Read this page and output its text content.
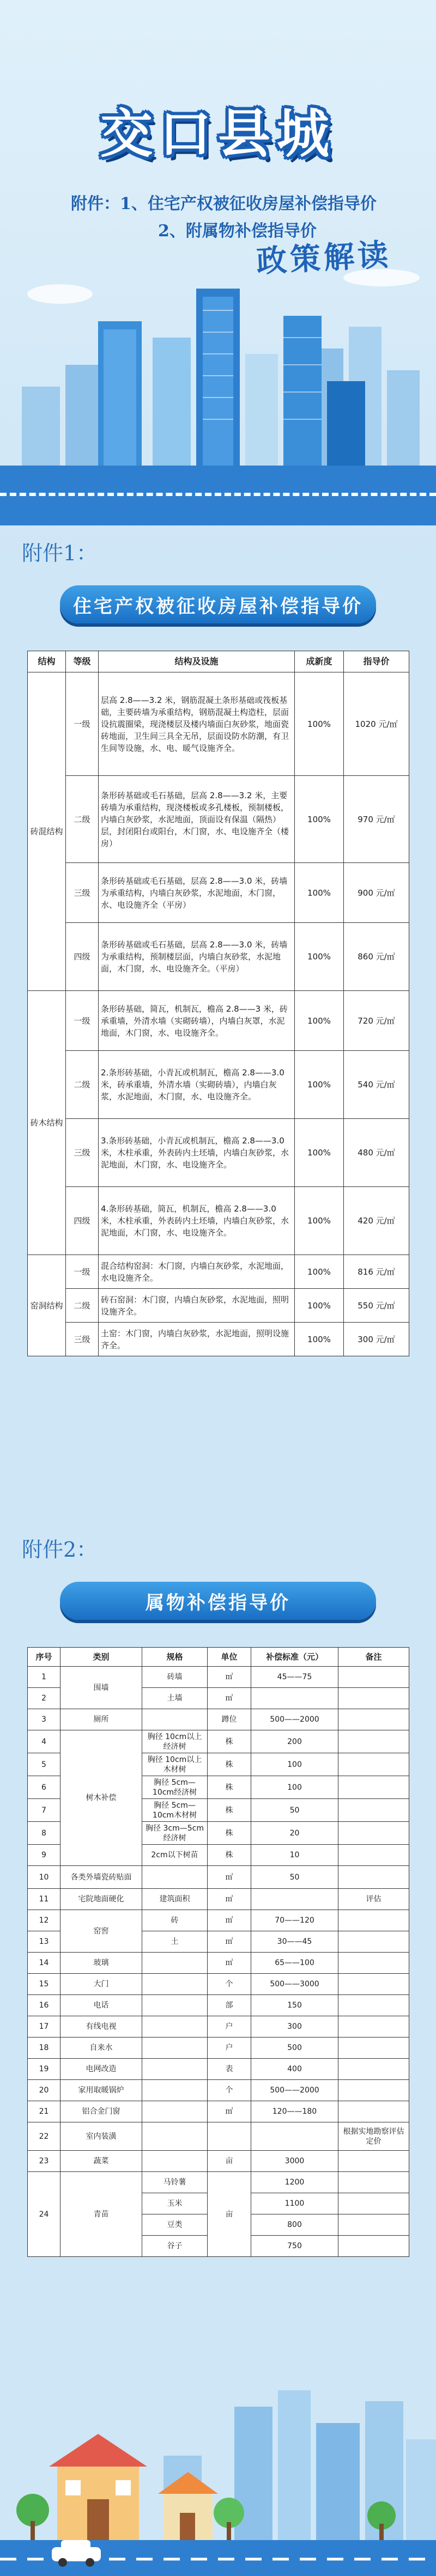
交口县城
附件：1、住宅产权被征收房屋补偿指导价
2、附属物补偿指导价
政策解读
附件1：
住宅产权被征收房屋补偿指导价
结构	等级	结构及设施	成新度	指导价
砖混结构	一级	层高 2.8——3.2 米，钢筋混凝土条形基础或筏板基础，主要砖墙为承重结构，钢筋混凝土构造柱，层面设抗震圈梁，现浇楼层及楼内墙面白灰砂浆，地面瓷砖地面，卫生间三具全无吊，层面设防水防潮，有卫生间等设施，水、电、暖气设施齐全。	100%	1020 元/㎡
	二级	条形砖基础或毛石基础，层高 2.8——3.2 米，主要砖墙为承重结构，现浇楼板或多孔楼板，预制楼板，内墙白灰砂浆，水泥地面，顶面设有保温（隔热）层，封闭阳台或阳台，木门窗，水、电设施齐全（楼房）	100%	970 元/㎡
	三级	条形砖基础或毛石基础，层高 2.8——3.0 米，砖墙为承重结构，内墙白灰砂浆，水泥地面，木门窗，水、电设施齐全（平房）	100%	900 元/㎡
	四级	条形砖基础或毛石基础，层高 2.8——3.0 米，砖墙为承重结构，预制楼层面，内墙白灰砂浆，水泥地面，木门窗，水、电设施齐全。（平房）	100%	860 元/㎡
砖木结构	一级	条形砖基础，简瓦，机制瓦，檐高 2.8——3 米，砖承重墙，外清水墙（实砌砖墙），内墙白灰罩，水泥地面，木门窗，水、电设施齐全。	100%	720 元/㎡
	二级	2.条形砖基础，小青瓦或机制瓦，檐高 2.8——3.0 米，砖承重墙，外清水墙（实砌砖墙），内墙白灰浆，水泥地面，木门窗，水、电设施齐全。	100%	540 元/㎡
	三级	3.条形砖基础，小青瓦或机制瓦，檐高 2.8——3.0 米，木柱承重，外表砖内土坯墙，内墙白灰砂浆，水泥地面，木门窗，水、电设施齐全。	100%	480 元/㎡
	四级	4.条形砖基础，简瓦，机制瓦，檐高 2.8——3.0 米，木柱承重，外表砖内土坯墙，内墙白灰砂浆，水泥地面，木门窗，水、电设施齐全。	100%	420 元/㎡
窑洞结构	一级	混合结构窑洞：木门窗，内墙白灰砂浆，水泥地面，水电设施齐全。	100%	816 元/㎡
	二级	砖石窑洞：木门窗，内墙白灰砂浆，水泥地面，照明设施齐全。	100%	550 元/㎡
	三级	土窑：木门窗，内墙白灰砂浆，水泥地面，照明设施齐全。	100%	300 元/㎡
附件2：
属物补偿指导价
序号	类别	规格	单位	补偿标准（元）	备注
1	围墙	砖墙	㎡	45——75	
2		土墙	㎡		
3	厕所		蹲位	500——2000	
4	树木补偿	胸径 10cm以上经济树	株	200	
5		胸径 10cm以上木材树	株	100	
6		胸径 5cm—10cm经济树	株	100	
7		胸径 5cm—10cm木材树	株	50	
8		胸径 3cm—5cm经济树	株	20	
9		2cm以下树苗	株	10	
10	各类外墙瓷砖贴面		㎡	50	
11	宅院地面硬化	建筑面积	㎡		评估
12	窑窖	砖	㎡	70——120	
13		土	㎡	30——45	
14	玻璃		㎡	65——100	
15	大门		个	500——3000	
16	电话		部	150	
17	有线电视		户	300	
18	自来水		户	500	
19	电网改造		表	400	
20	家用取暖锅炉		个	500——2000	
21	铝合金门窗		㎡	120——180	
22	室内装潢				根据实地勘察评估定价
23	蔬菜		亩	3000	
24	青苗	马铃薯	亩	1200	
		玉米		1100	
		豆类		800	
		谷子		750	
